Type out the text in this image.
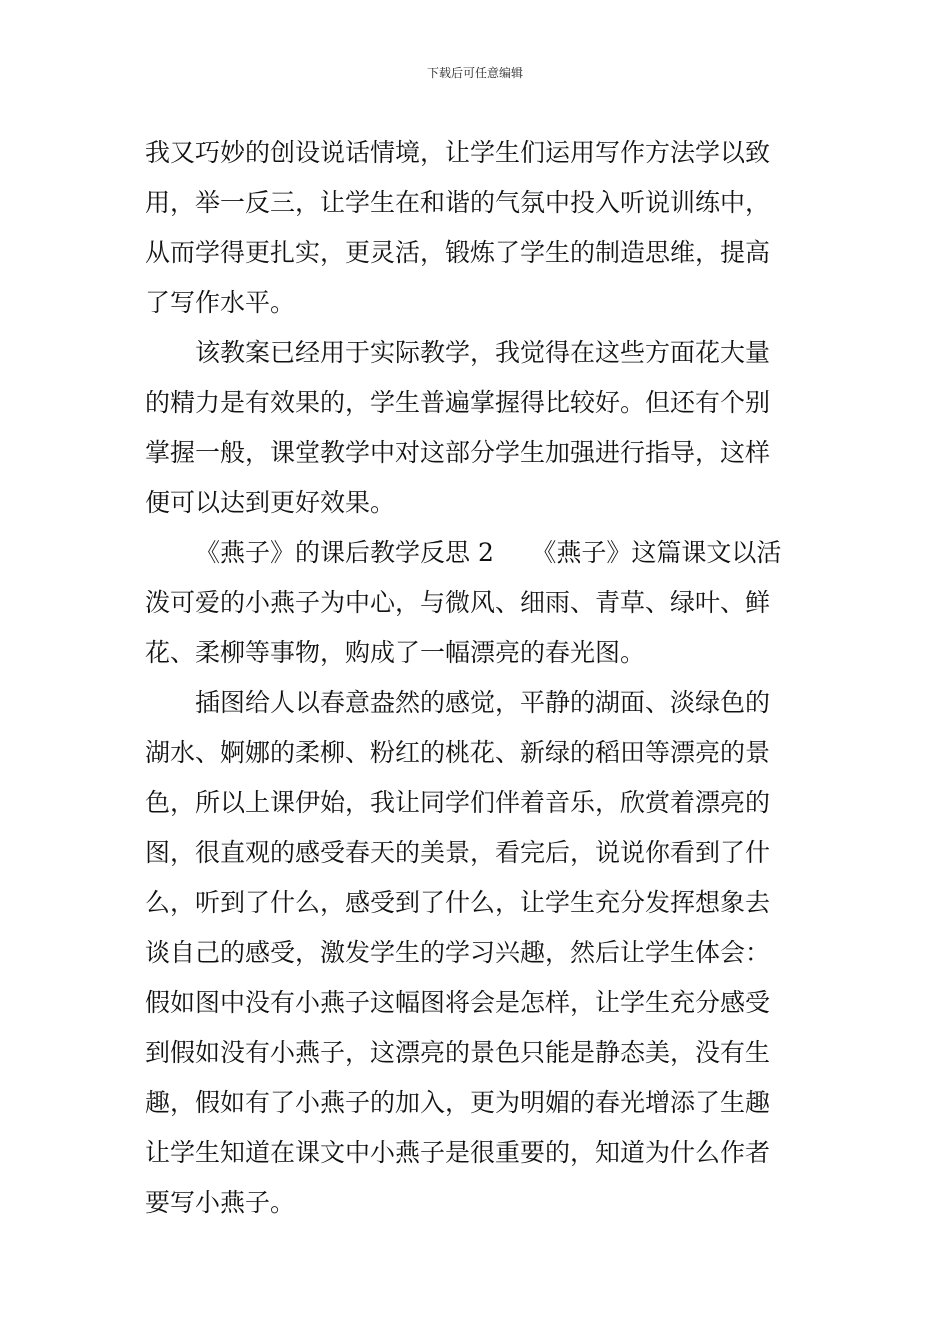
下载后可任意编辑
我又巧妙的创设说话情境，让学生们运用写作方法学以致
用，举一反三，让学生在和谐的气氛中投入听说训练中，
从而学得更扎实，更灵活，锻炼了学生的制造思维，提高
了写作水平。
该教案已经用于实际教学，我觉得在这些方面花大量
的精力是有效果的，学生普遍掌握得比较好。但还有个别
掌握一般，课堂教学中对这部分学生加强进行指导，这样
便可以达到更好效果。
《燕子》的课后教学反思 2　　《燕子》这篇课文以活
泼可爱的小燕子为中心，与微风、细雨、青草、绿叶、鲜
花、柔柳等事物，购成了一幅漂亮的春光图。
插图给人以春意盎然的感觉，平静的湖面、淡绿色的
湖水、婀娜的柔柳、粉红的桃花、新绿的稻田等漂亮的景
色，所以上课伊始，我让同学们伴着音乐，欣赏着漂亮的
图，很直观的感受春天的美景，看完后，说说你看到了什
么，听到了什么，感受到了什么，让学生充分发挥想象去
谈自己的感受，激发学生的学习兴趣，然后让学生体会：
假如图中没有小燕子这幅图将会是怎样，让学生充分感受
到假如没有小燕子，这漂亮的景色只能是静态美，没有生
趣，假如有了小燕子的加入，更为明媚的春光增添了生趣
让学生知道在课文中小燕子是很重要的，知道为什么作者
要写小燕子。
